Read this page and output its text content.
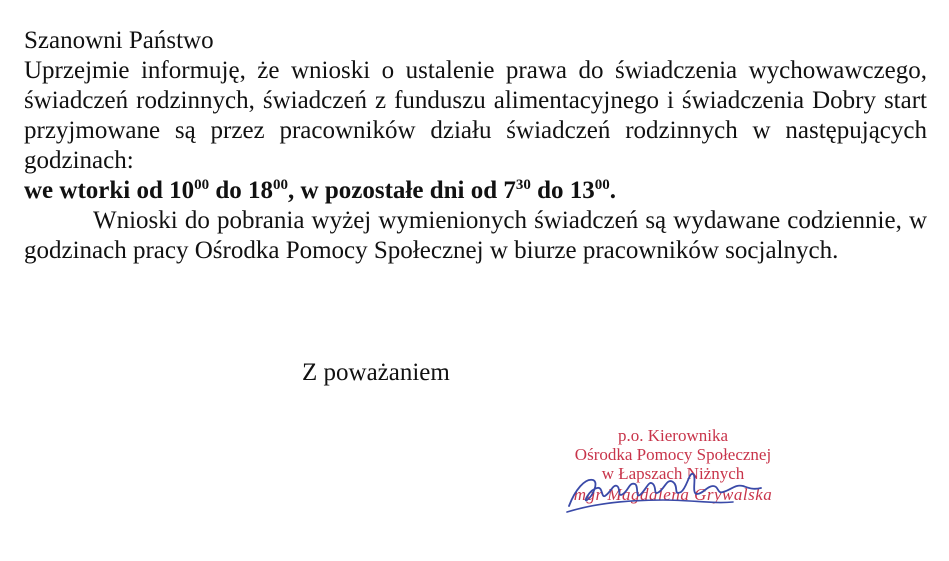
Szanowni Państwo

Uprzejmie informuję, że wnioski o ustalenie prawa do świadczenia wychowawczego, świadczeń rodzinnych, świadczeń z funduszu alimentacyjnego i świadczenia Dobry start przyjmowane są przez pracowników działu świadczeń rodzinnych w następujących godzinach:

we wtorki od $10^{00}$ do $18^{00}$, w pozostałe dni od $7^{30}$ do $13^{00}$.

Wnioski do pobrania wyżej wymienionych świadczeń są wydawane codziennie, w godzinach pracy Ośrodka Pomocy Społecznej w biurze pracowników socjalnych.

Z poważaniem

p.o. Kierownika
Ośrodka Pomocy Społecznej
w Łapszach Niżnych
mgr Magdalena Grywalska
